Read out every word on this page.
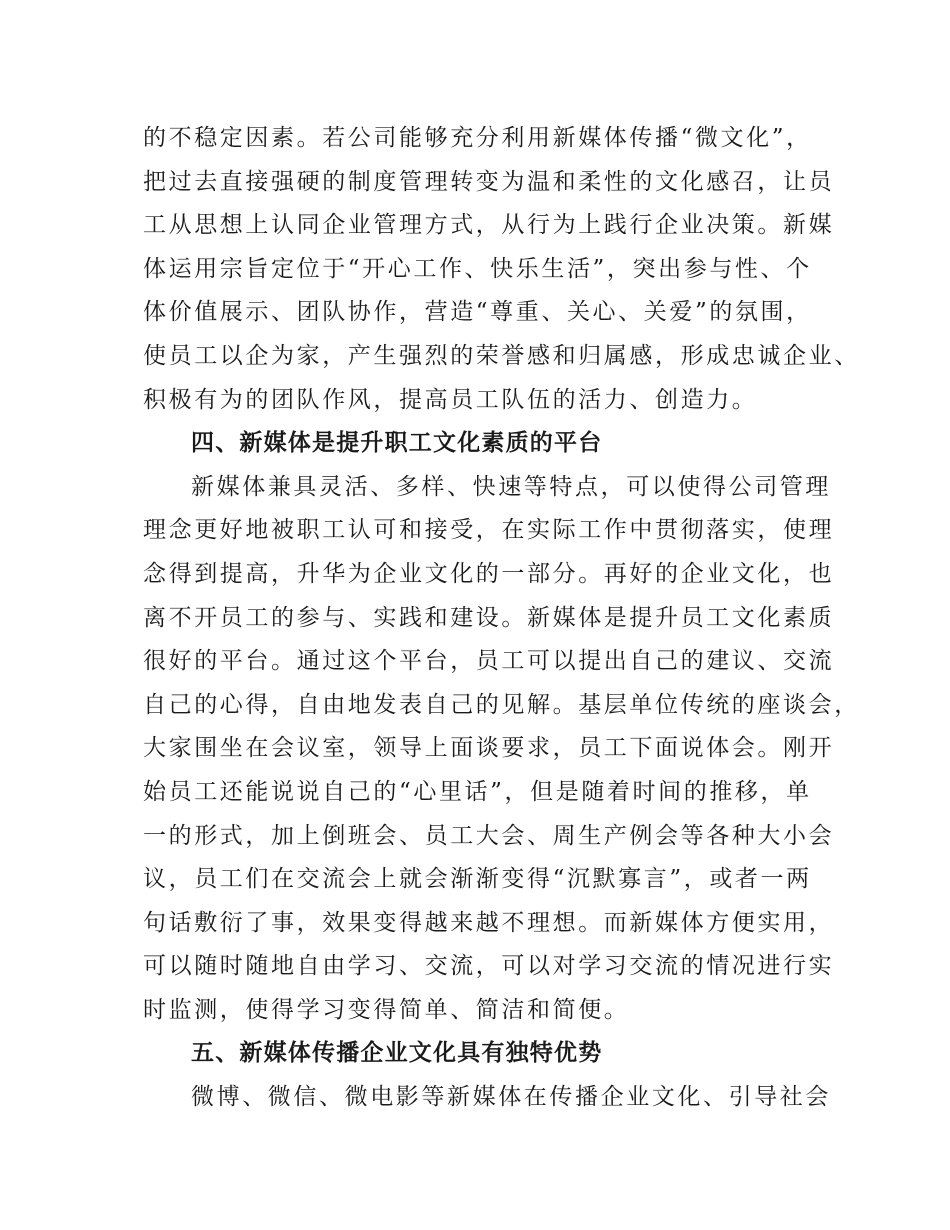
的不稳定因素。若公司能够充分利用新媒体传播“微文化”，
把过去直接强硬的制度管理转变为温和柔性的文化感召，让员
工从思想上认同企业管理方式，从行为上践行企业决策。新媒
体运用宗旨定位于“开心工作、快乐生活”，突出参与性、个
体价值展示、团队协作，营造“尊重、关心、关爱”的氛围，
使员工以企为家，产生强烈的荣誉感和归属感，形成忠诚企业、
积极有为的团队作风，提高员工队伍的活力、创造力。
四、新媒体是提升职工文化素质的平台
新媒体兼具灵活、多样、快速等特点，可以使得公司管理
理念更好地被职工认可和接受，在实际工作中贯彻落实，使理
念得到提高，升华为企业文化的一部分。再好的企业文化，也
离不开员工的参与、实践和建设。新媒体是提升员工文化素质
很好的平台。通过这个平台，员工可以提出自己的建议、交流
自己的心得，自由地发表自己的见解。基层单位传统的座谈会，
大家围坐在会议室，领导上面谈要求，员工下面说体会。刚开
始员工还能说说自己的“心里话”，但是随着时间的推移，单
一的形式，加上倒班会、员工大会、周生产例会等各种大小会
议，员工们在交流会上就会渐渐变得“沉默寡言”，或者一两
句话敷衍了事，效果变得越来越不理想。而新媒体方便实用，
可以随时随地自由学习、交流，可以对学习交流的情况进行实
时监测，使得学习变得简单、简洁和简便。
五、新媒体传播企业文化具有独特优势
微博、微信、微电影等新媒体在传播企业文化、引导社会
